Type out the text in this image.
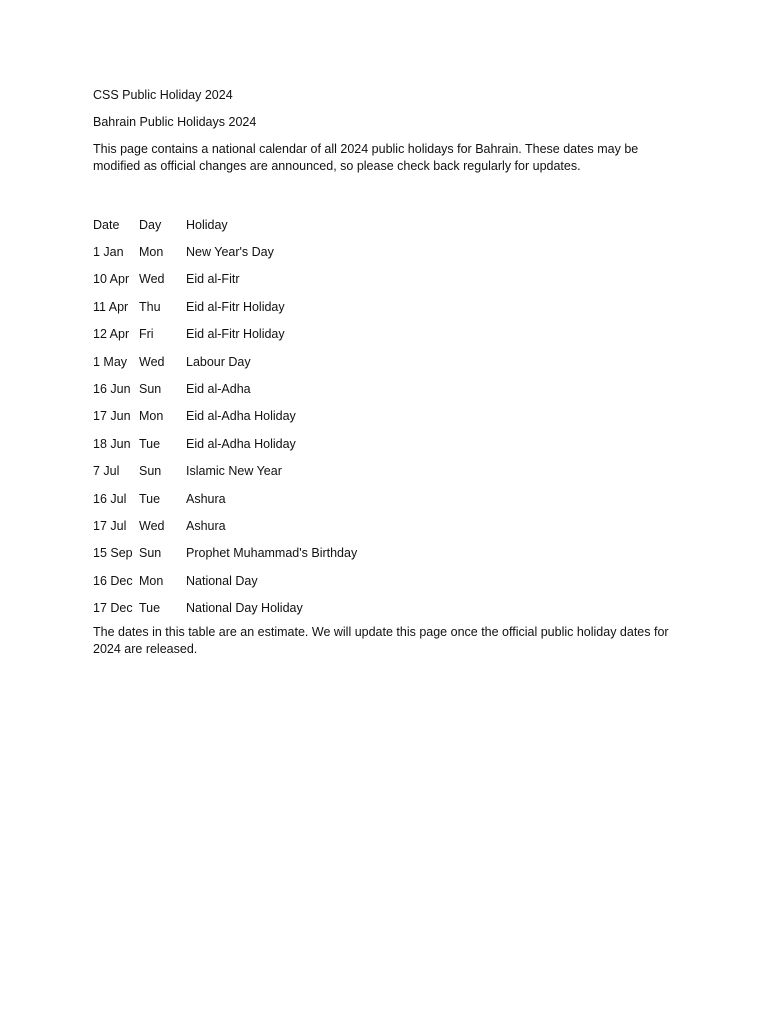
CSS Public Holiday 2024

Bahrain Public Holidays 2024

This page contains a national calendar of all 2024 public holidays for Bahrain. These dates may be modified as official changes are announced, so please check back regularly for updates.

Date	Day	Holiday
1 Jan	Mon	New Year's Day
10 Apr	Wed	Eid al-Fitr
11 Apr	Thu	Eid al-Fitr Holiday
12 Apr	Fri	Eid al-Fitr Holiday
1 May	Wed	Labour Day
16 Jun	Sun	Eid al-Adha
17 Jun	Mon	Eid al-Adha Holiday
18 Jun	Tue	Eid al-Adha Holiday
7 Jul	Sun	Islamic New Year
16 Jul	Tue	Ashura
17 Jul	Wed	Ashura
15 Sep	Sun	Prophet Muhammad's Birthday
16 Dec	Mon	National Day
17 Dec	Tue	National Day Holiday

The dates in this table are an estimate. We will update this page once the official public holiday dates for 2024 are released.
